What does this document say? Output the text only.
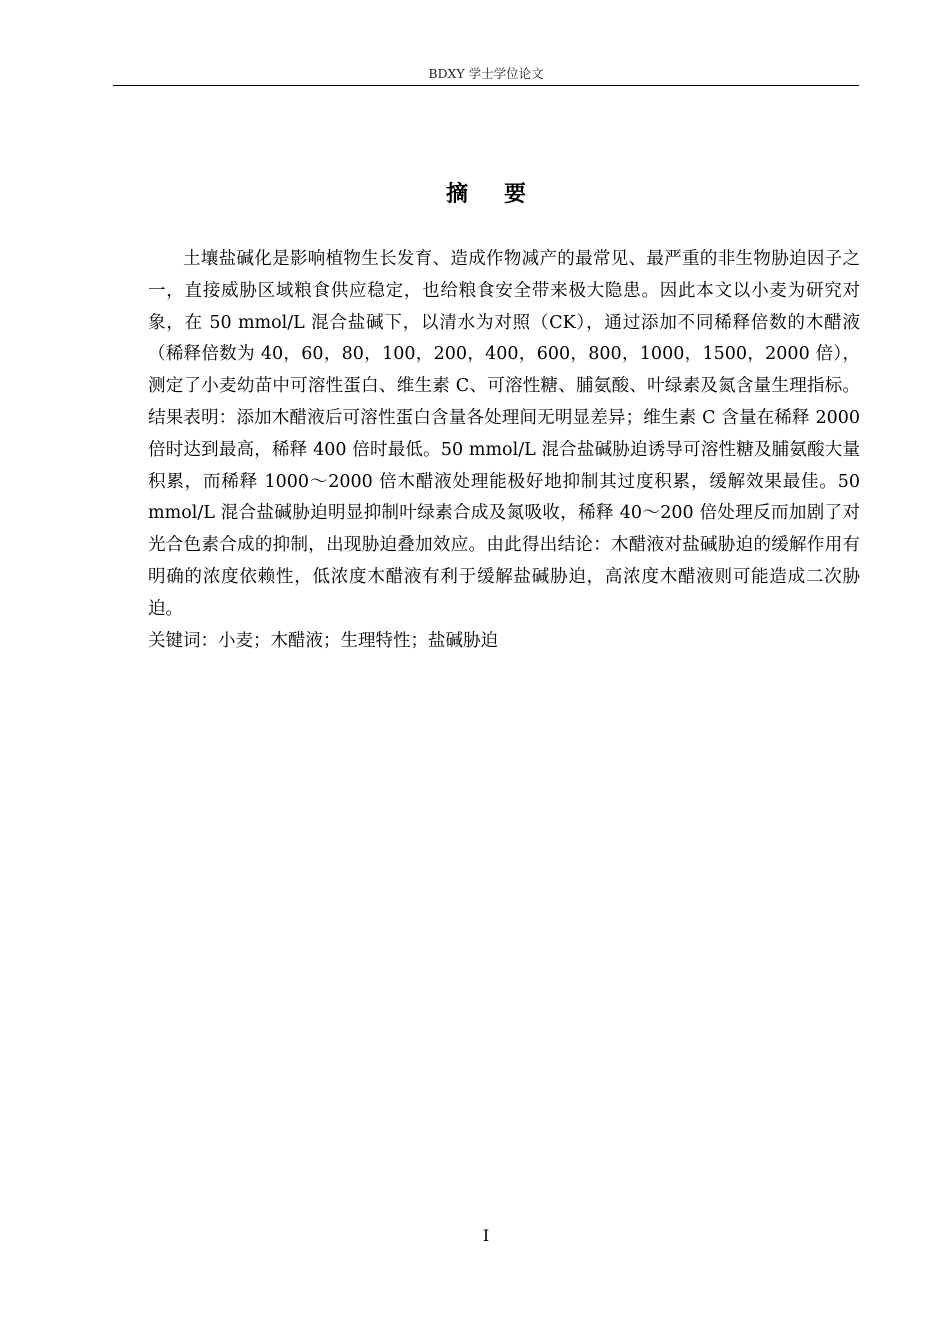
BDXY 学士学位论文
摘要

土壤盐碱化是影响植物生长发育、造成作物减产的最常见、最严重的非生物胁迫因子之一，直接威胁区域粮食供应稳定，也给粮食安全带来极大隐患。因此本文以小麦为研究对象，在 50 mmol/L 混合盐碱下，以清水为对照（CK），通过添加不同稀释倍数的木醋液（稀释倍数为 40，60，80，100，200，400，600，800，1000，1500，2000 倍），测定了小麦幼苗中可溶性蛋白、维生素 C、可溶性糖、脯氨酸、叶绿素及氮含量生理指标。结果表明：添加木醋液后可溶性蛋白含量各处理间无明显差异；维生素 C 含量在稀释 2000 倍时达到最高，稀释 400 倍时最低。50 mmol/L 混合盐碱胁迫诱导可溶性糖及脯氨酸大量积累，而稀释 1000～2000 倍木醋液处理能极好地抑制其过度积累，缓解效果最佳。50 mmol/L 混合盐碱胁迫明显抑制叶绿素合成及氮吸收，稀释 40～200 倍处理反而加剧了对光合色素合成的抑制，出现胁迫叠加效应。由此得出结论：木醋液对盐碱胁迫的缓解作用有明确的浓度依赖性，低浓度木醋液有利于缓解盐碱胁迫，高浓度木醋液则可能造成二次胁迫。

关键词：小麦；木醋液；生理特性；盐碱胁迫

I
